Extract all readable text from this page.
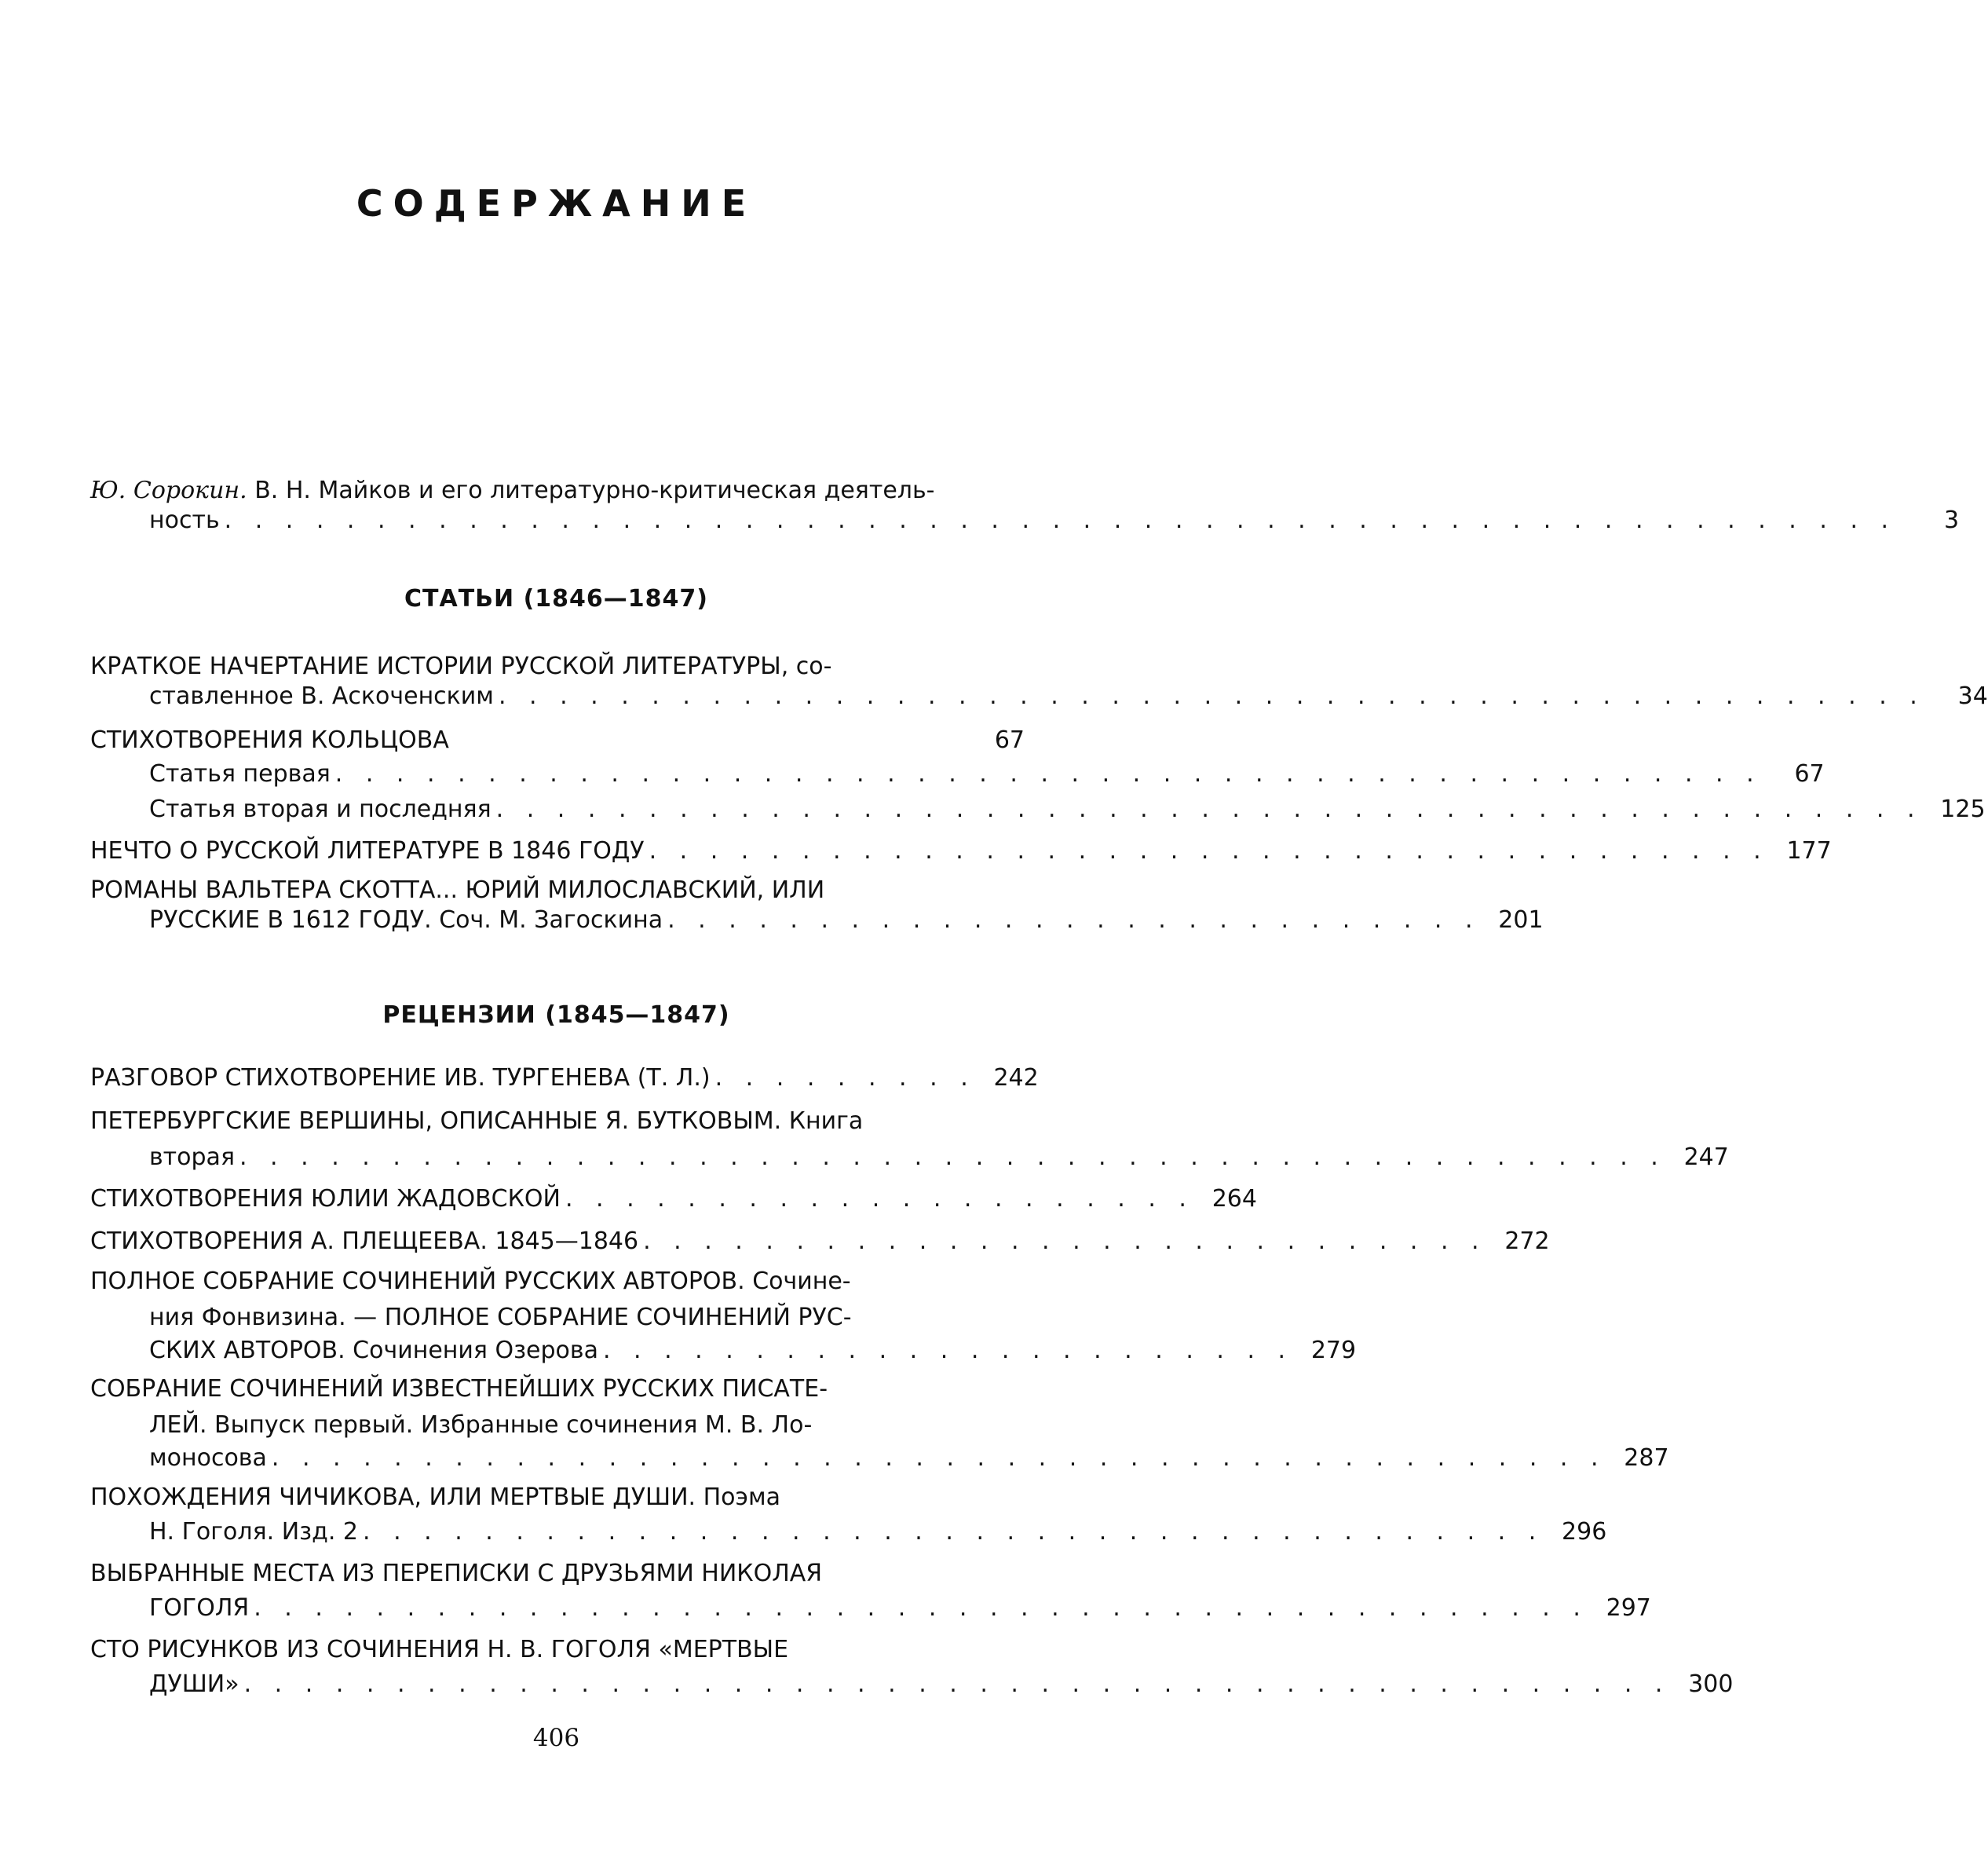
СОДЕРЖАНИЕ
Ю. Сорокин. В. Н. Майков и его литературно-критическая деятель-
ность . . . . . . . . . . . . . . . . . . . . . . . . . . . . . . . . . . . . . . . . . . . . . . . . . . . . . . .	3
СТАТЬИ (1846—1847)
КРАТКОЕ НАЧЕРТАНИЕ ИСТОРИИ РУССКОЙ ЛИТЕРАТУРЫ, со-
ставленное В. Аскоченским . . . . . . . . . . . . . . . . . . . . . . . . . . . . . . . . . . . . . . . . . . . . . . .	34
СТИХОТВОРЕНИЯ КОЛЬЦОВА	67
Статья первая . . . . . . . . . . . . . . . . . . . . . . . . . . . . . . . . . . . . . . . . . . . . . . .	67
Статья вторая и последняя . . . . . . . . . . . . . . . . . . . . . . . . . . . . . . . . . . . . . . . . . . . . . . . 125
НЕЧТО О РУССКОЙ ЛИТЕРАТУРЕ В 1846 ГОДУ . . . . . . . . . . . . . . . . . . . . . . . . . . . . . . . . . . . . . 177
РОМАНЫ ВАЛЬТЕРА СКОТТА... ЮРИЙ МИЛОСЛАВСКИЙ, ИЛИ
РУССКИЕ В 1612 ГОДУ. Соч. М. Загоскина . . . . . . . . . . . . . . . . . . . . . . . . . . . 201
РЕЦЕНЗИИ (1845—1847)
РАЗГОВОР СТИХОТВОРЕНИЕ ИВ. ТУРГЕНЕВА (Т. Л.) . . . . . . . . . 242
ПЕТЕРБУРГСКИЕ ВЕРШИНЫ, ОПИСАННЫЕ Я. БУТКОВЫМ. Книга
вторая . . . . . . . . . . . . . . . . . . . . . . . . . . . . . . . . . . . . . . . . . . . . . . . 247
СТИХОТВОРЕНИЯ ЮЛИИ ЖАДОВСКОЙ . . . . . . . . . . . . . . . . . . . . . 264
СТИХОТВОРЕНИЯ А. ПЛЕЩЕЕВА. 1845—1846 . . . . . . . . . . . . . . . . . . . . . . . . . . . . 272
ПОЛНОЕ СОБРАНИЕ СОЧИНЕНИЙ РУССКИХ АВТОРОВ. Сочине-
ния Фонвизина. — ПОЛНОЕ СОБРАНИЕ СОЧИНЕНИЙ РУС-
СКИХ АВТОРОВ. Сочинения Озерова . . . . . . . . . . . . . . . . . . . . . . . 279
СОБРАНИЕ СОЧИНЕНИЙ ИЗВЕСТНЕЙШИХ РУССКИХ ПИСАТЕ-
ЛЕЙ. Выпуск первый. Избранные сочинения М. В. Ло-
моносова . . . . . . . . . . . . . . . . . . . . . . . . . . . . . . . . . . . . . . . . . . . . 287
ПОХОЖДЕНИЯ ЧИЧИКОВА, ИЛИ МЕРТВЫЕ ДУШИ. Поэма
Н. Гоголя. Изд. 2 . . . . . . . . . . . . . . . . . . . . . . . . . . . . . . . . . . . . . . . 296
ВЫБРАННЫЕ МЕСТА ИЗ ПЕРЕПИСКИ С ДРУЗЬЯМИ НИКОЛАЯ
ГОГОЛЯ . . . . . . . . . . . . . . . . . . . . . . . . . . . . . . . . . . . . . . . . . . . . 297
СТО РИСУНКОВ ИЗ СОЧИНЕНИЯ Н. В. ГОГОЛЯ «МЕРТВЫЕ
ДУШИ» . . . . . . . . . . . . . . . . . . . . . . . . . . . . . . . . . . . . . . . . . . . . . . . 300
406
